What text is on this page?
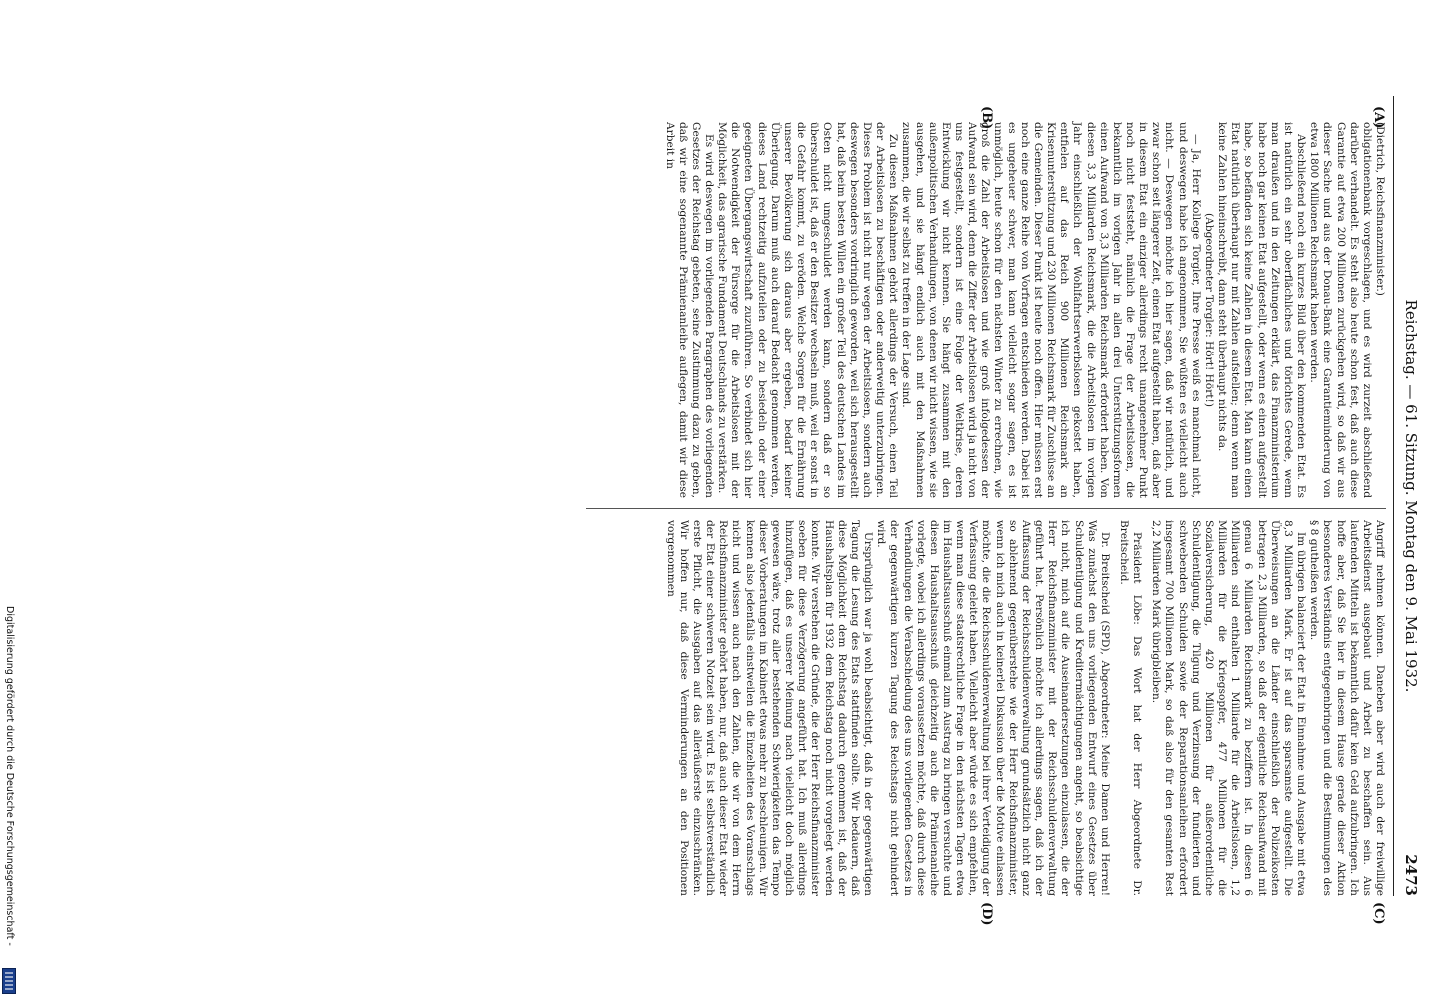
Reichstag. — 61. Sitzung. Montag den 9. Mai 1932.
2473
(A)
(B)
(C)
(D)

(Dietrich, Reichsfinanzminister.)

obligationenbank vorgeschlagen, und es wird zurzeit abschließend darüber verhandelt. Es steht also heute schon fest, daß auch diese Garantie auf etwa 200 Millionen zurückgehen wird, so daß wir aus dieser Sache und aus der Donau-Bank eine Garantieminderung von etwa 1800 Millionen Reichsmark haben werden.

Abschließend noch ein kurzes Bild über den kommenden Etat. Es ist natürlich ein sehr oberflächliches und törichtes Gerede, wenn man draußen und in den Zeitungen erklärt, das Finanzministerium habe noch gar keinen Etat aufgestellt, oder wenn es einen aufgestellt habe, so befänden sich keine Zahlen in diesem Etat. Man kann einen Etat natürlich überhaupt nur mit Zahlen aufstellen; denn wenn man keine Zahlen hineinschreibt, dann steht überhaupt nichts da.

(Abgeordneter Torgler: Hört! Hört!)

— Ja, Herr Kollege Torgler, Ihre Presse weiß es manchmal nicht, und deswegen habe ich angenommen, Sie wüßten es vielleicht auch nicht. — Deswegen möchte ich hier sagen, daß wir natürlich, und zwar schon seit längerer Zeit, einen Etat aufgestellt haben, daß aber in diesem Etat ein einziger allerdings recht unangenehmer Punkt noch nicht feststeht, nämlich die Frage der Arbeitslosen, die bekanntlich im vorigen Jahr in allen drei Unterstützungsformen einen Aufwand von 3,3 Milliarden Reichsmark erfordert haben. Von diesen 3,3 Milliarden Reichsmark, die die Arbeitslosen im vorigen Jahr einschließlich der Wohlfahrtserwerbslosen gekostet haben, entfielen auf das Reich 900 Millionen Reichsmark an Krisenunterstützung und 230 Millionen Reichsmark für Zuschüsse an die Gemeinden. Dieser Punkt ist heute noch offen. Hier müssen erst noch eine ganze Reihe von Vorfragen entschieden werden. Dabei ist es ungeheuer schwer, man kann vielleicht sogar sagen, es ist unmöglich, heute schon für den nächsten Winter zu errechnen, wie groß die Zahl der Arbeitslosen und wie groß infolgedessen der Aufwand sein wird, denn die Ziffer der Arbeitslosen wird ja nicht von uns festgestellt, sondern ist eine Folge der Weltkrise, deren Entwicklung wir nicht kennen. Sie hängt zusammen mit den außenpolitischen Verhandlungen, von denen wir nicht wissen, wie sie ausgehen, und sie hängt endlich auch mit den Maßnahmen zusammen, die wir selbst zu treffen in der Lage sind.

Zu diesen Maßnahmen gehört allerdings der Versuch, einen Teil der Arbeitslosen zu beschäftigen oder anderweitig unterzubringen. Dieses Problem ist nicht nur wegen der Arbeitslosen, sondern auch deswegen besonders vordringlich geworden, weil sich herausgestellt hat, daß beim besten Willen ein großer Teil des deutschen Landes im Osten nicht umgeschuldet werden kann, sondern daß er so überschuldet ist, daß er den Besitzer wechseln muß, weil er sonst in die Gefahr kommt, zu veröden. Welche Sorgen für die Ernährung unserer Bevölkerung sich daraus aber ergeben, bedarf keiner Überlegung. Darum muß auch darauf Bedacht genommen werden, dieses Land rechtzeitig aufzuteilen oder zu besiedeln oder einer geeigneten Übergangswirtschaft zuzuführen. So verbindet sich hier die Notwendigkeit der Fürsorge für die Arbeitslosen mit der Möglichkeit, das agrarische Fundament Deutschlands zu verstärken.

Es wird deswegen im vorliegenden Paragraphen des vorliegenden Gesetzes der Reichstag gebeten, seine Zustimmung dazu zu geben, daß wir eine sogenannte Prämienanleihe auflegen, damit wir diese Arbeit in

Angriff nehmen können. Daneben aber wird auch der freiwillige Arbeitsdienst ausgebaut und Arbeit zu beschaffen sein. Aus laufenden Mitteln ist bekanntlich dafür kein Geld aufzubringen. Ich hoffe aber, daß Sie hier in diesem Hause gerade dieser Aktion besonderes Verständnis entgegenbringen und die Bestimmungen des § 8 gutheißen werden.

Im übrigen balanciert der Etat in Einnahme und Ausgabe mit etwa 8,3 Milliarden Mark. Er ist auf das sparsamste aufgestellt. Die Überweisungen an die Länder einschließlich der Polizeikosten betragen 2,3 Milliarden, so daß der eigentliche Reichsaufwand mit genau 6 Milliarden Reichsmark zu beziffern ist. In diesen 6 Milliarden sind enthalten 1 Milliarde für die Arbeitslosen, 1,2 Milliarden für die Kriegsopfer, 477 Millionen für die Sozialversicherung, 420 Millionen für außerordentliche Schuldentilgung, die Tilgung und Verzinsung der fundierten und schwebenden Schulden sowie der Reparationsanleihen erfordert insgesamt 700 Millionen Mark, so daß also für den gesamten Rest 2,2 Milliarden Mark übrigbleiben.

Präsident Löbe: Das Wort hat der Herr Abgeordnete Dr. Breitscheid.

Dr. Breitscheid (SPD), Abgeordneter: Meine Damen und Herren! Was zunächst den uns vorliegenden Entwurf eines Gesetzes über Schuldentilgung und Kreditermächtigungen angeht, so beabsichtige ich nicht, mich auf die Auseinandersetzungen einzulassen, die der Herr Reichsfinanzminister mit der Reichsschuldenverwaltung geführt hat. Persönlich möchte ich allerdings sagen, daß ich der Auffassung der Reichsschuldenverwaltung grundsätzlich nicht ganz so ablehnend gegenüberstehe wie der Herr Reichsfinanzminister, wenn ich mich auch in keinerlei Diskussion über die Motive einlassen möchte, die die Reichsschuldenverwaltung bei ihrer Verteidigung der Verfassung geleitet haben. Vielleicht aber würde es sich empfehlen, wenn man diese staatsrechtliche Frage in den nächsten Tagen etwa im Haushaltsausschuß einmal zum Austrag zu bringen versuchte und diesen Haushaltsausschuß gleichzeitig auch die Prämienanleihe vorlegte, wobei ich allerdings voraussetzen möchte, daß durch diese Verhandlungen die Verabschiedung des uns vorliegenden Gesetzes in der gegenwärtigen kurzen Tagung des Reichstags nicht gehindert wird.

Ursprünglich war ja wohl beabsichtigt, daß in der gegenwärtigen Tagung die Lesung des Etats stattfinden sollte. Wir bedauern, daß diese Möglichkeit dem Reichstag dadurch genommen ist, daß der Haushaltsplan für 1932 dem Reichstag noch nicht vorgelegt werden konnte. Wir verstehen die Gründe, die der Herr Reichsfinanzminister soeben für diese Verzögerung angeführt hat. Ich muß allerdings hinzufügen, daß es unserer Meinung nach vielleicht doch möglich gewesen wäre, trotz aller bestehenden Schwierigkeiten das Tempo dieser Vorberatungen im Kabinett etwas mehr zu beschleunigen. Wir kennen also jedenfalls einstweilen die Einzelheiten des Voranschlags nicht und wissen auch nach den Zahlen, die wir von dem Herrn Reichsfinanzminister gehört haben, nur, daß auch dieser Etat wieder der Etat einer schweren Notzeit sein wird. Es ist selbstverständlich erste Pflicht, die Ausgaben auf das alleräußerste einzuschränken. Wir hoffen nur, daß diese Verminderungen an den Positionen vorgenommen

Digitalisierung gefördert durch die Deutsche Forschungsgemeinschaft -
